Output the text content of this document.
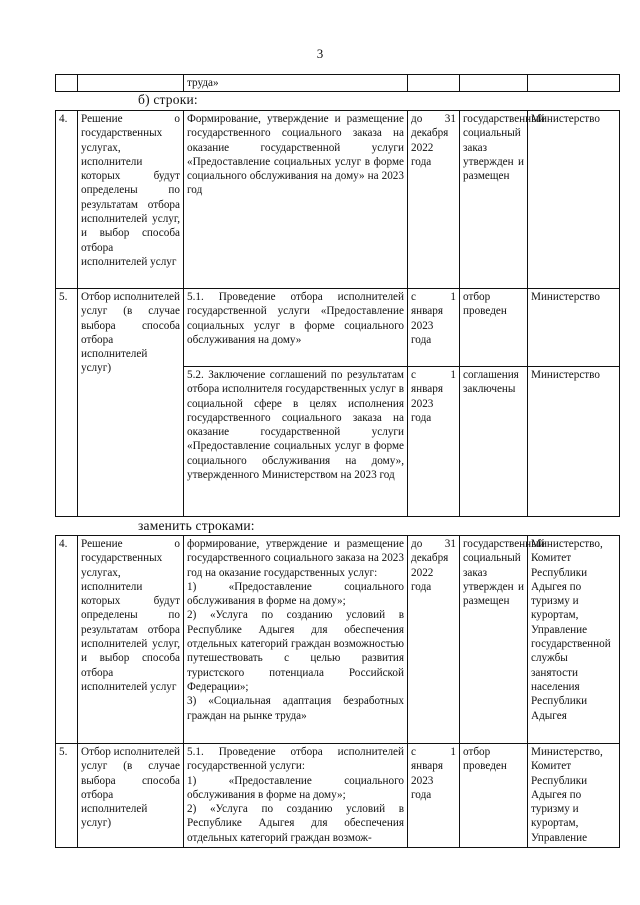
3
		труда»			
б) строки:
4.	Решение о государственных услугах, исполнители которых будут определены по результатам отбора исполнителей услуг, и выбор способа отбора исполнителей услуг	Формирование, утверждение и размещение государственного социального заказа на оказание государственной услуги «Предоставление социальных услуг в форме социального обслуживания на дому» на 2023 год	до 31 декабря 2022 года	государственный социальный заказ утвержден и размещен	Министерство
5.	Отбор исполнителей услуг (в случае выбора способа отбора исполнителей услуг)	5.1. Проведение отбора исполнителей государственной услуги «Предоставление социальных услуг в форме социального обслуживания на дому»	с 1 января 2023 года	отбор проведен	Министерство
		5.2. Заключение соглашений по результатам отбора исполнителя государственных услуг в социальной сфере в целях исполнения государственного социального заказа на оказание государственной услуги «Предоставление социальных услуг в форме социального обслуживания на дому», утвержденного Министерством на 2023 год	с 1 января 2023 года	соглашения заключены	Министерство
заменить строками:
4.	Решение о государственных услугах, исполнители которых будут определены по результатам отбора исполнителей услуг, и выбор способа отбора исполнителей услуг	формирование, утверждение и размещение государственного социального заказа на 2023 год на оказание государственных услуг:
1) «Предоставление социального обслуживания в форме на дому»;
2) «Услуга по созданию условий в Республике Адыгея для обеспечения отдельных категорий граждан возможностью путешествовать с целью развития туристского потенциала Российской Федерации»;
3) «Социальная адаптация безработных граждан на рынке труда»	до 31 декабря 2022 года	государственный социальный заказ утвержден и размещен	Министерство, Комитет Республики Адыгея по туризму и курортам, Управление государственной службы занятости населения Республики Адыгея
5.	Отбор исполнителей услуг (в случае выбора способа отбора исполнителей услуг)	5.1. Проведение отбора исполнителей государственной услуги:
1) «Предоставление социального обслуживания в форме на дому»;
2) «Услуга по созданию условий в Республике Адыгея для обеспечения отдельных категорий граждан возмож-	с 1 января 2023 года	отбор проведен	Министерство, Комитет Республики Адыгея по туризму и курортам, Управление
